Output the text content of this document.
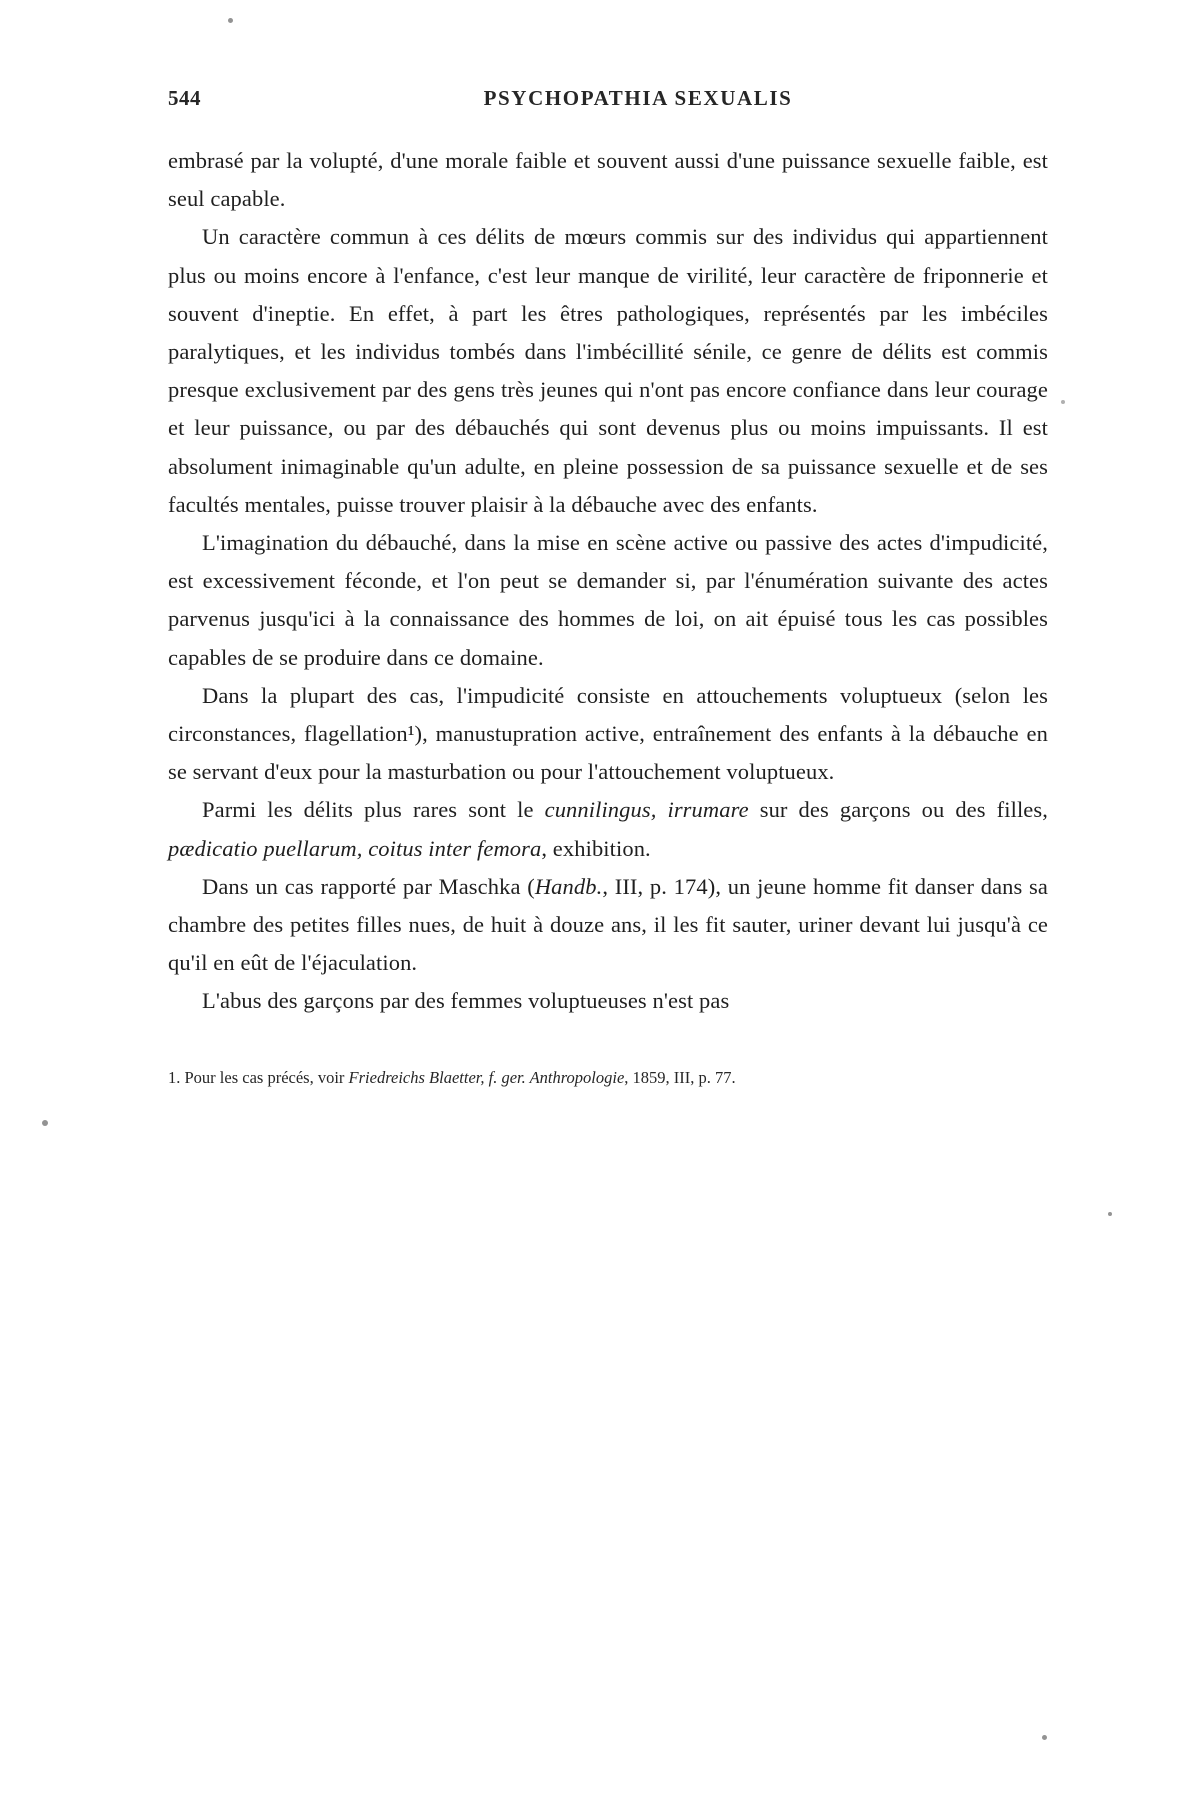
544	PSYCHOPATHIA SEXUALIS

embrasé par la volupté, d'une morale faible et souvent aussi d'une puissance sexuelle faible, est seul capable.

Un caractère commun à ces délits de mœurs commis sur des individus qui appartiennent plus ou moins encore à l'enfance, c'est leur manque de virilité, leur caractère de friponnerie et souvent d'ineptie. En effet, à part les êtres pathologiques, représentés par les imbéciles paralytiques, et les individus tombés dans l'imbécillité sénile, ce genre de délits est commis presque exclusivement par des gens très jeunes qui n'ont pas encore confiance dans leur courage et leur puissance, ou par des débauchés qui sont devenus plus ou moins impuissants. Il est absolument inimaginable qu'un adulte, en pleine possession de sa puissance sexuelle et de ses facultés mentales, puisse trouver plaisir à la débauche avec des enfants.

L'imagination du débauché, dans la mise en scène active ou passive des actes d'impudicité, est excessivement féconde, et l'on peut se demander si, par l'énumération suivante des actes parvenus jusqu'ici à la connaissance des hommes de loi, on ait épuisé tous les cas possibles capables de se produire dans ce domaine.

Dans la plupart des cas, l'impudicité consiste en attouchements voluptueux (selon les circonstances, flagellation¹), manustupration active, entraînement des enfants à la débauche en se servant d'eux pour la masturbation ou pour l'attouchement voluptueux.

Parmi les délits plus rares sont le cunnilingus, irrumare sur des garçons ou des filles, pædicatio puellarum, coitus inter femora, exhibition.

Dans un cas rapporté par Maschka (Handb., III, p. 174), un jeune homme fit danser dans sa chambre des petites filles nues, de huit à douze ans, il les fit sauter, uriner devant lui jusqu'à ce qu'il en eût de l'éjaculation.

L'abus des garçons par des femmes voluptueuses n'est pas

1. Pour les cas précés, voir Friedreichs Blaetter, f. ger. Anthropologie, 1859, III, p. 77.
